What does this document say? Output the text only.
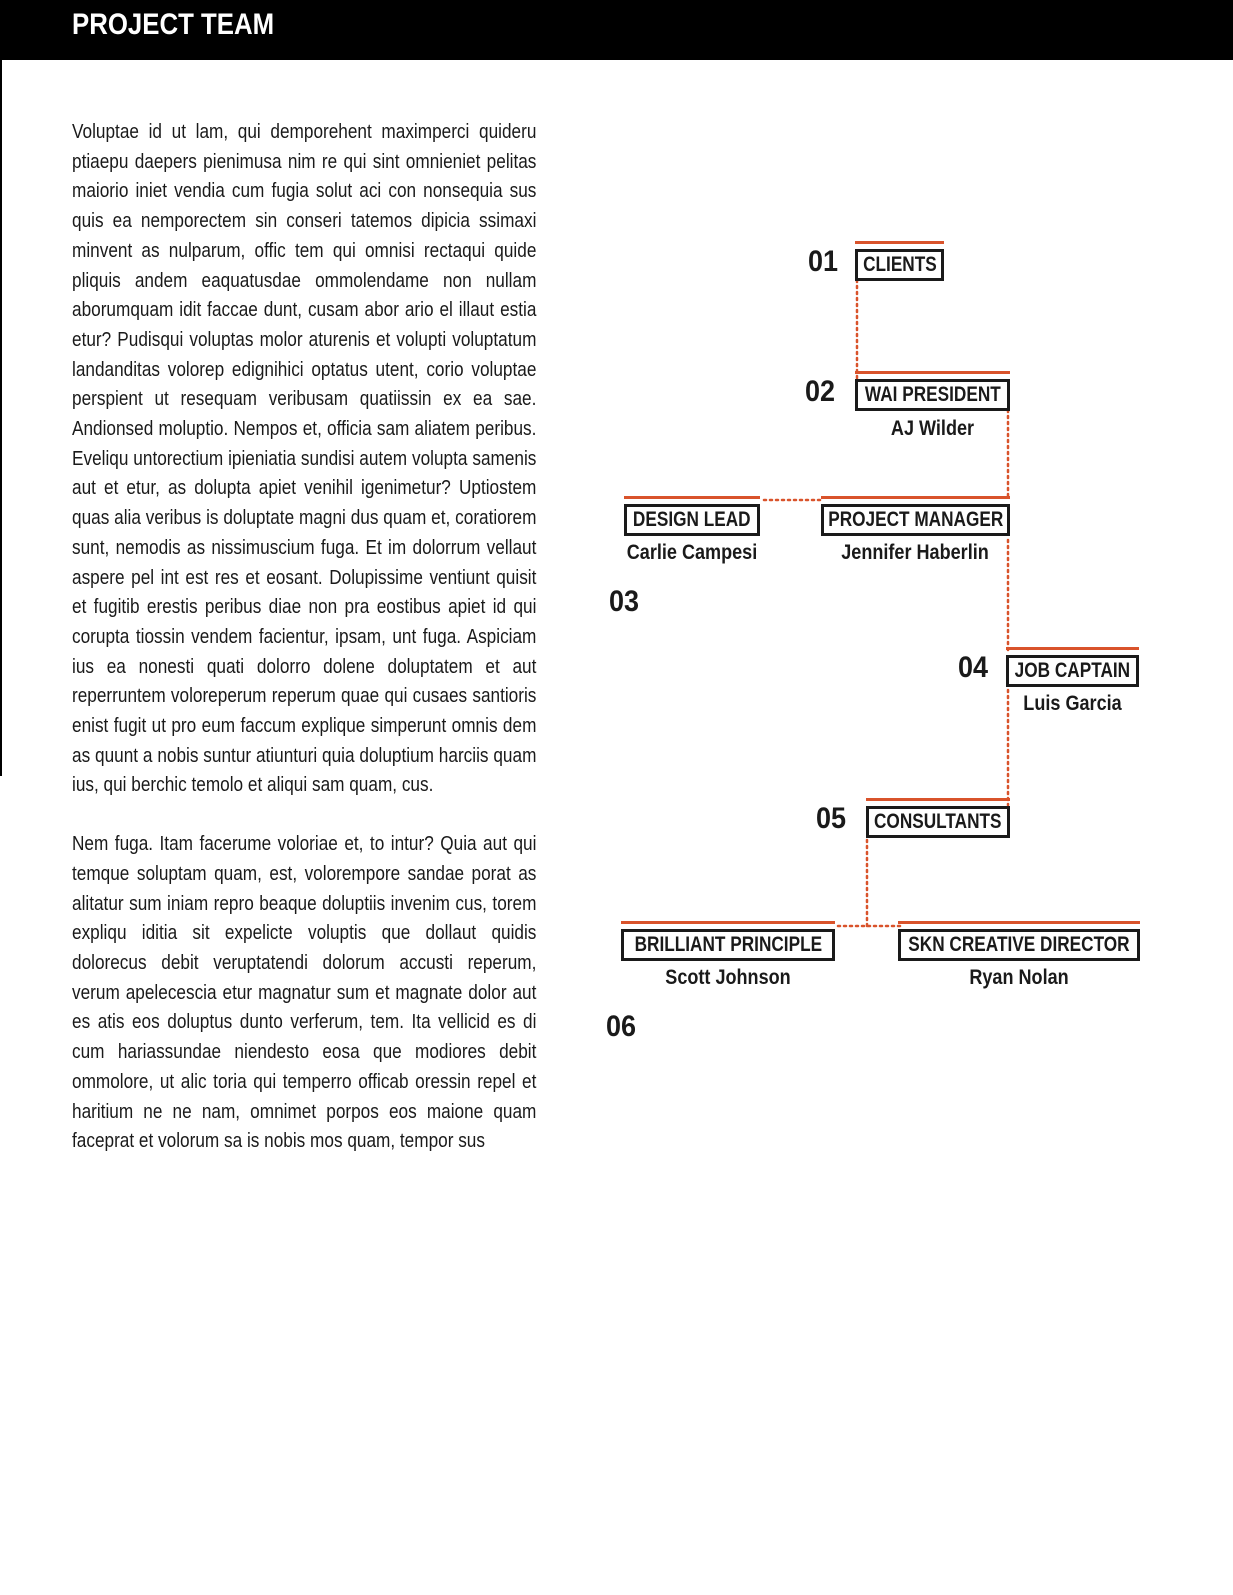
PROJECT TEAM

Voluptae id ut lam, qui demporehent maximperci quideru ptiaepu daepers pienimusa nim re qui sint omnieniet pelitas maiorio iniet vendia cum fugia solut aci con nonsequia sus quis ea nemporectem sin conseri tatemos dipicia ssimaxi minvent as nulparum, offic tem qui omnisi rectaqui quide pliquis andem eaquatusdae ommolendame non nullam aborumquam idit faccae dunt, cusam abor ario el illaut estia etur? Pudisqui voluptas molor aturenis et volupti voluptatum landanditas volorep edignihici optatus utent, corio voluptae perspient ut resequam veribusam quatiissin ex ea sae. Andionsed moluptio. Nempos et, officia sam aliatem peribus. Eveliqu untorectium ipieniatia sundisi autem volupta samenis aut et etur, as dolupta apiet venihil igenimetur? Uptiostem quas alia veribus is doluptate magni dus quam et, coratiorem sunt, nemodis as nissimuscium fuga. Et im dolorrum vellaut aspere pel int est res et eosant. Dolupissime ventiunt quisit et fugitib erestis peribus diae non pra eostibus apiet id qui corupta tiossin vendem facientur, ipsam, unt fuga. Aspiciam ius ea nonesti quati dolorro dolene doluptatem et aut reperruntem voloreperum reperum quae qui cusaes santioris enist fugit ut pro eum faccum explique simperunt omnis dem as quunt a nobis suntur atiunturi quia doluptium harciis quam ius, qui berchic temolo et aliqui sam quam, cus.

Nem fuga. Itam facerume voloriae et, to intur? Quia aut qui temque soluptam quam, est, volorempore sandae porat as alitatur sum iniam repro beaque doluptiis invenim cus, torem expliqu iditia sit expelicte voluptis que dollaut quidis dolorecus debit veruptatendi dolorum accusti reperum, verum apelecescia etur magnatur sum et magnate dolor aut es atis eos doluptus dunto verferum, tem. Ita vellicid es di cum hariassundae niendesto eosa que modiores debit ommolore, ut alic toria qui temperro officab oressin repel et haritium ne ne nam, omnimet porpos eos maione quam faceprat et volorum sa is nobis mos quam, tempor sus

01 CLIENTS
02 WAI PRESIDENT
AJ Wilder
DESIGN LEAD
Carlie Campesi
03
PROJECT MANAGER
Jennifer Haberlin
04 JOB CAPTAIN
Luis Garcia
05 CONSULTANTS
BRILLIANT PRINCIPLE
Scott Johnson
06
SKN CREATIVE DIRECTOR
Ryan Nolan
